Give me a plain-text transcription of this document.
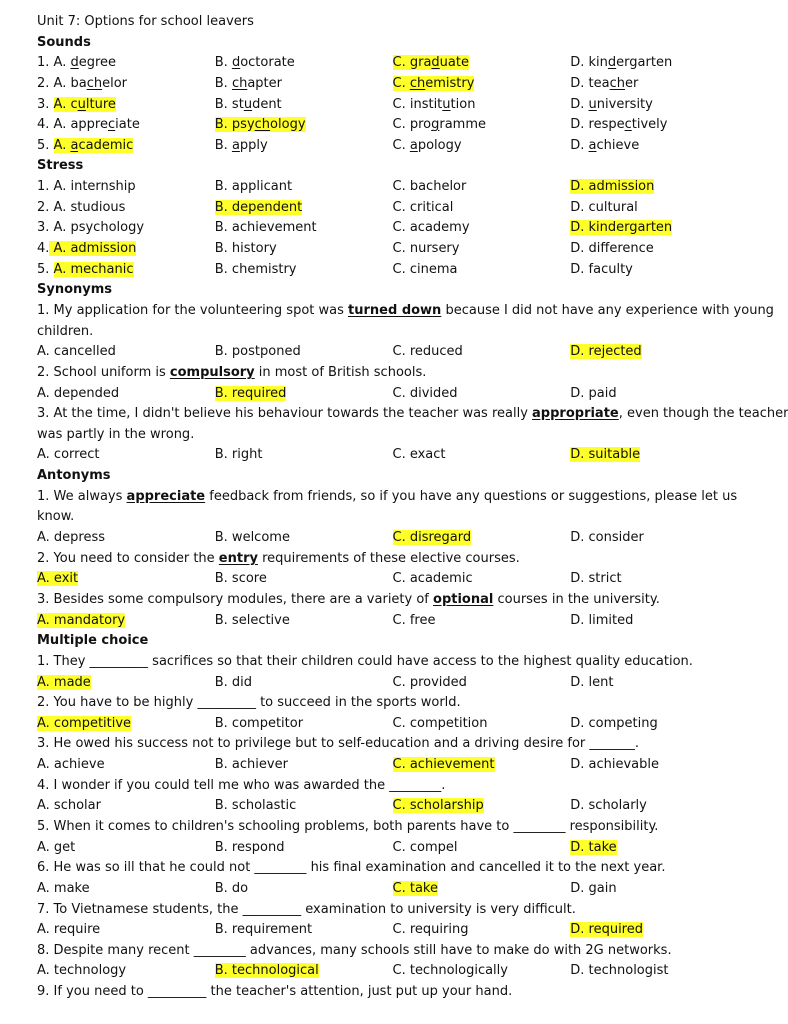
Unit 7: Options for school leavers
Sounds
1. A. degree	B. doctorate	C. graduate	D. kindergarten
2. A. bachelor	B. chapter	C. chemistry	D. teacher
3. A. culture	B. student	C. institution	D. university
4. A. appreciate	B. psychology	C. programme	D. respectively
5. A. academic	B. apply	C. apology	D. achieve
Stress
1. A. internship	B. applicant	C. bachelor	D. admission
2. A. studious	B. dependent	C. critical	D. cultural
3. A. psychology	B. achievement	C. academy	D. kindergarten
4. A. admission	B. history	C. nursery	D. difference
5. A. mechanic	B. chemistry	C. cinema	D. faculty
Synonyms
1. My application for the volunteering spot was turned down because I did not have any experience with young
children.
A. cancelled	B. postponed	C. reduced	D. rejected
2. School uniform is compulsory in most of British schools.
A. depended	B. required	C. divided	D. paid
3. At the time, I didn't believe his behaviour towards the teacher was really appropriate, even though the teacher
was partly in the wrong.
A. correct	B. right	C. exact	D. suitable
Antonyms
1. We always appreciate feedback from friends, so if you have any questions or suggestions, please let us
know.
A. depress	B. welcome	C. disregard	D. consider
2. You need to consider the entry requirements of these elective courses.
A. exit	B. score	C. academic	D. strict
3. Besides some compulsory modules, there are a variety of optional courses in the university.
A. mandatory	B. selective	C. free	D. limited
Multiple choice
1. They _________ sacrifices so that their children could have access to the highest quality education.
A. made	B. did	C. provided	D. lent
2. You have to be highly _________ to succeed in the sports world.
A. competitive	B. competitor	C. competition	D. competing
3. He owed his success not to privilege but to self-education and a driving desire for _______.
A. achieve	B. achiever	C. achievement	D. achievable
4. I wonder if you could tell me who was awarded the ________.
A. scholar	B. scholastic	C. scholarship	D. scholarly
5. When it comes to children's schooling problems, both parents have to ________ responsibility.
A. get	B. respond	C. compel	D. take
6. He was so ill that he could not ________ his final examination and cancelled it to the next year.
A. make	B. do	C. take	D. gain
7. To Vietnamese students, the _________ examination to university is very difficult.
A. require	B. requirement	C. requiring	D. required
8. Despite many recent ________ advances, many schools still have to make do with 2G networks.
A. technology	B. technological	C. technologically	D. technologist
9. If you need to _________ the teacher's attention, just put up your hand.
